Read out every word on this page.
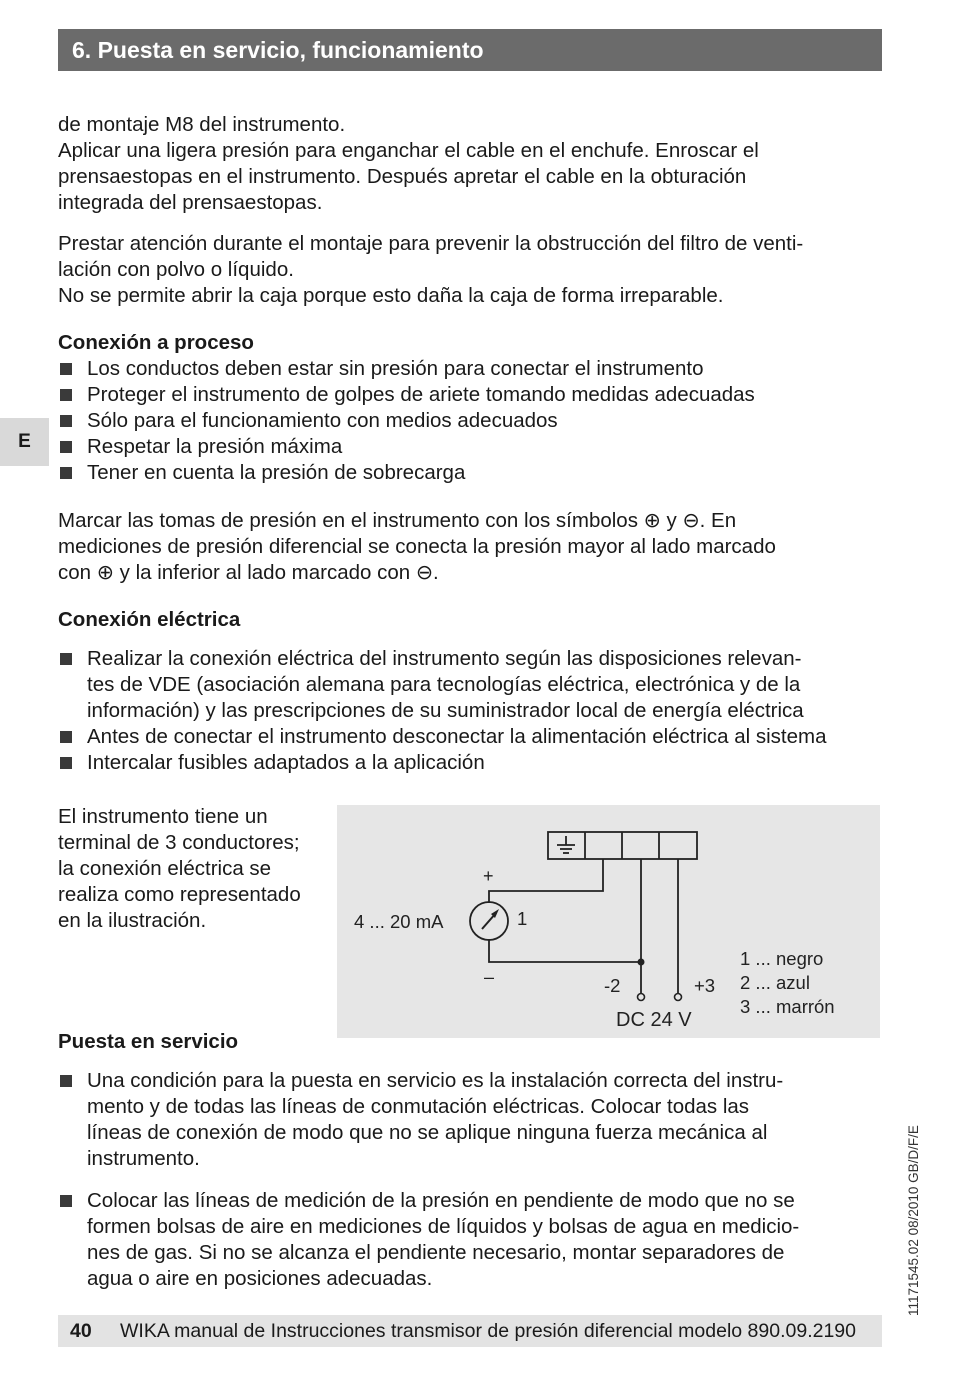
6. Puesta en servicio, funcionamiento
E

de montaje M8 del instrumento.

Aplicar una ligera presión para enganchar el cable en el enchufe. Enroscar el

prensaestopas en el instrumento. Después apretar el cable en la obturación

integrada del prensaestopas.

Prestar atención durante el montaje para prevenir la obstrucción del filtro de venti-

lación con polvo o líquido.

No se permite abrir la caja porque esto daña la caja de forma irreparable.

Conexión a proceso
Los conductos deben estar sin presión para conectar el instrumento
Proteger el instrumento de golpes de ariete tomando medidas adecuadas
Sólo para el funcionamiento con medios adecuados
Respetar la presión máxima
Tener en cuenta la presión de sobrecarga

Marcar las tomas de presión en el instrumento con los símbolos ⊕ y ⊖. En

mediciones de presión diferencial se conecta la presión mayor al lado marcado

con ⊕ y la inferior al lado marcado con ⊖.

Conexión eléctrica
Realizar la conexión eléctrica del instrumento según las disposiciones relevan-
tes de VDE (asociación alemana para tecnologías eléctrica, electrónica y de la
información) y las prescripciones de su suministrador local de energía eléctrica
Antes de conectar el instrumento desconectar la alimentación eléctrica al sistema
Intercalar fusibles adaptados a la aplicación

El instrumento tiene un

terminal de 3 conductores;

la conexión eléctrica se

realiza como representado

en la ilustración.	4 ... 20 mA	1
+
–	-2	+3
DC 24 V
1 ... negro
2 ... azul
3 ... marrón
Puesta en servicio
Una condición para la puesta en servicio es la instalación correcta del instru-
mento y de todas las líneas de conmutación eléctricas. Colocar todas las
líneas de conexión de modo que no se aplique ninguna fuerza mecánica al
instrumento.
Colocar las líneas de medición de la presión en pendiente de modo que no se
formen bolsas de aire en mediciones de líquidos y bolsas de agua en medicio-
nes de gas. Si no se alcanza el pendiente necesario, montar separadores de
agua o aire en posiciones adecuadas.
40 WIKA manual de Instrucciones transmisor de presión diferencial modelo 890.09.2190
11171545.02 08/2010 GB/D/F/E
